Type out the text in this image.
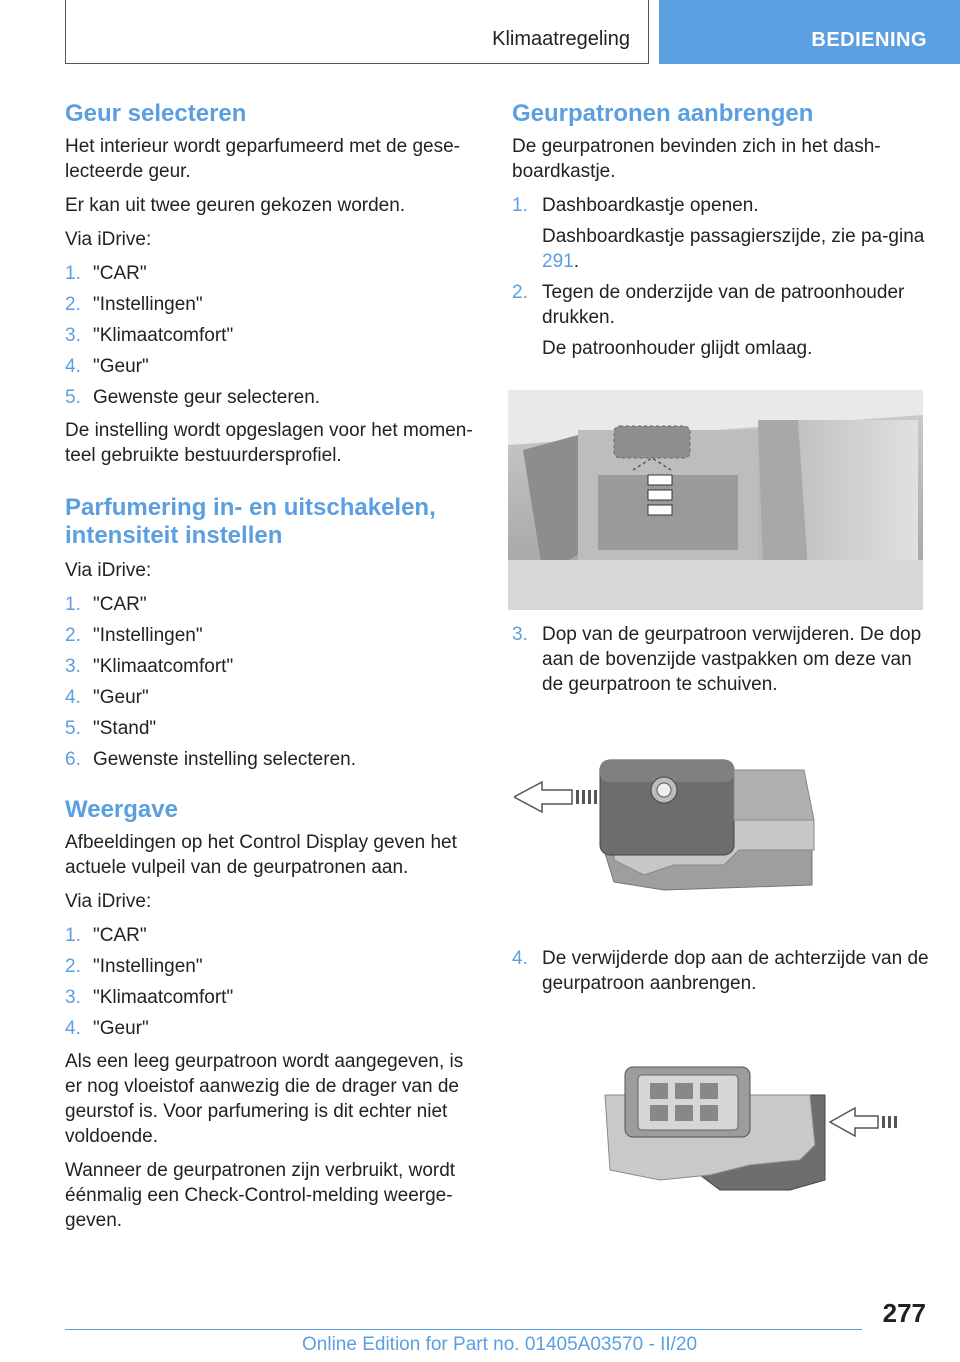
Klimaatregeling	BEDIENING
Geur selecteren

Het interieur wordt geparfumeerd met de gese-lecteerde geur.

Er kan uit twee geuren gekozen worden.

Via iDrive:

1. "CAR"
2. "Instellingen"
3. "Klimaatcomfort"
4. "Geur"
5. Gewenste geur selecteren.

De instelling wordt opgeslagen voor het momen-teel gebruikte bestuurdersprofiel.

Parfumering in- en uitschakelen, intensiteit instellen

Via iDrive:

1. "CAR"
2. "Instellingen"
3. "Klimaatcomfort"
4. "Geur"
5. "Stand"
6. Gewenste instelling selecteren.
Weergave

Afbeeldingen op het Control Display geven het actuele vulpeil van de geurpatronen aan.

Via iDrive:

1. "CAR"
2. "Instellingen"
3. "Klimaatcomfort"
4. "Geur"

Als een leeg geurpatroon wordt aangegeven, is er nog vloeistof aanwezig die de drager van de geurstof is. Voor parfumering is dit echter niet voldoende.

Wanneer de geurpatronen zijn verbruikt, wordt éénmalig een Check-Control-melding weerge-geven.

Geurpatronen aanbrengen

De geurpatronen bevinden zich in het dash-boardkastje.

1. Dashboardkastje openen.
Dashboardkastje passagierszijde, zie pa-gina 291.
2. Tegen de onderzijde van de patroonhouder drukken.
De patroonhouder glijdt omlaag.
3. Dop van de geurpatroon verwijderen. De dop aan de bovenzijde vastpakken om deze van de geurpatroon te schuiven.
4. De verwijderde dop aan de achterzijde van de geurpatroon aanbrengen.
277
Online Edition for Part no. 01405A03570 - II/20
